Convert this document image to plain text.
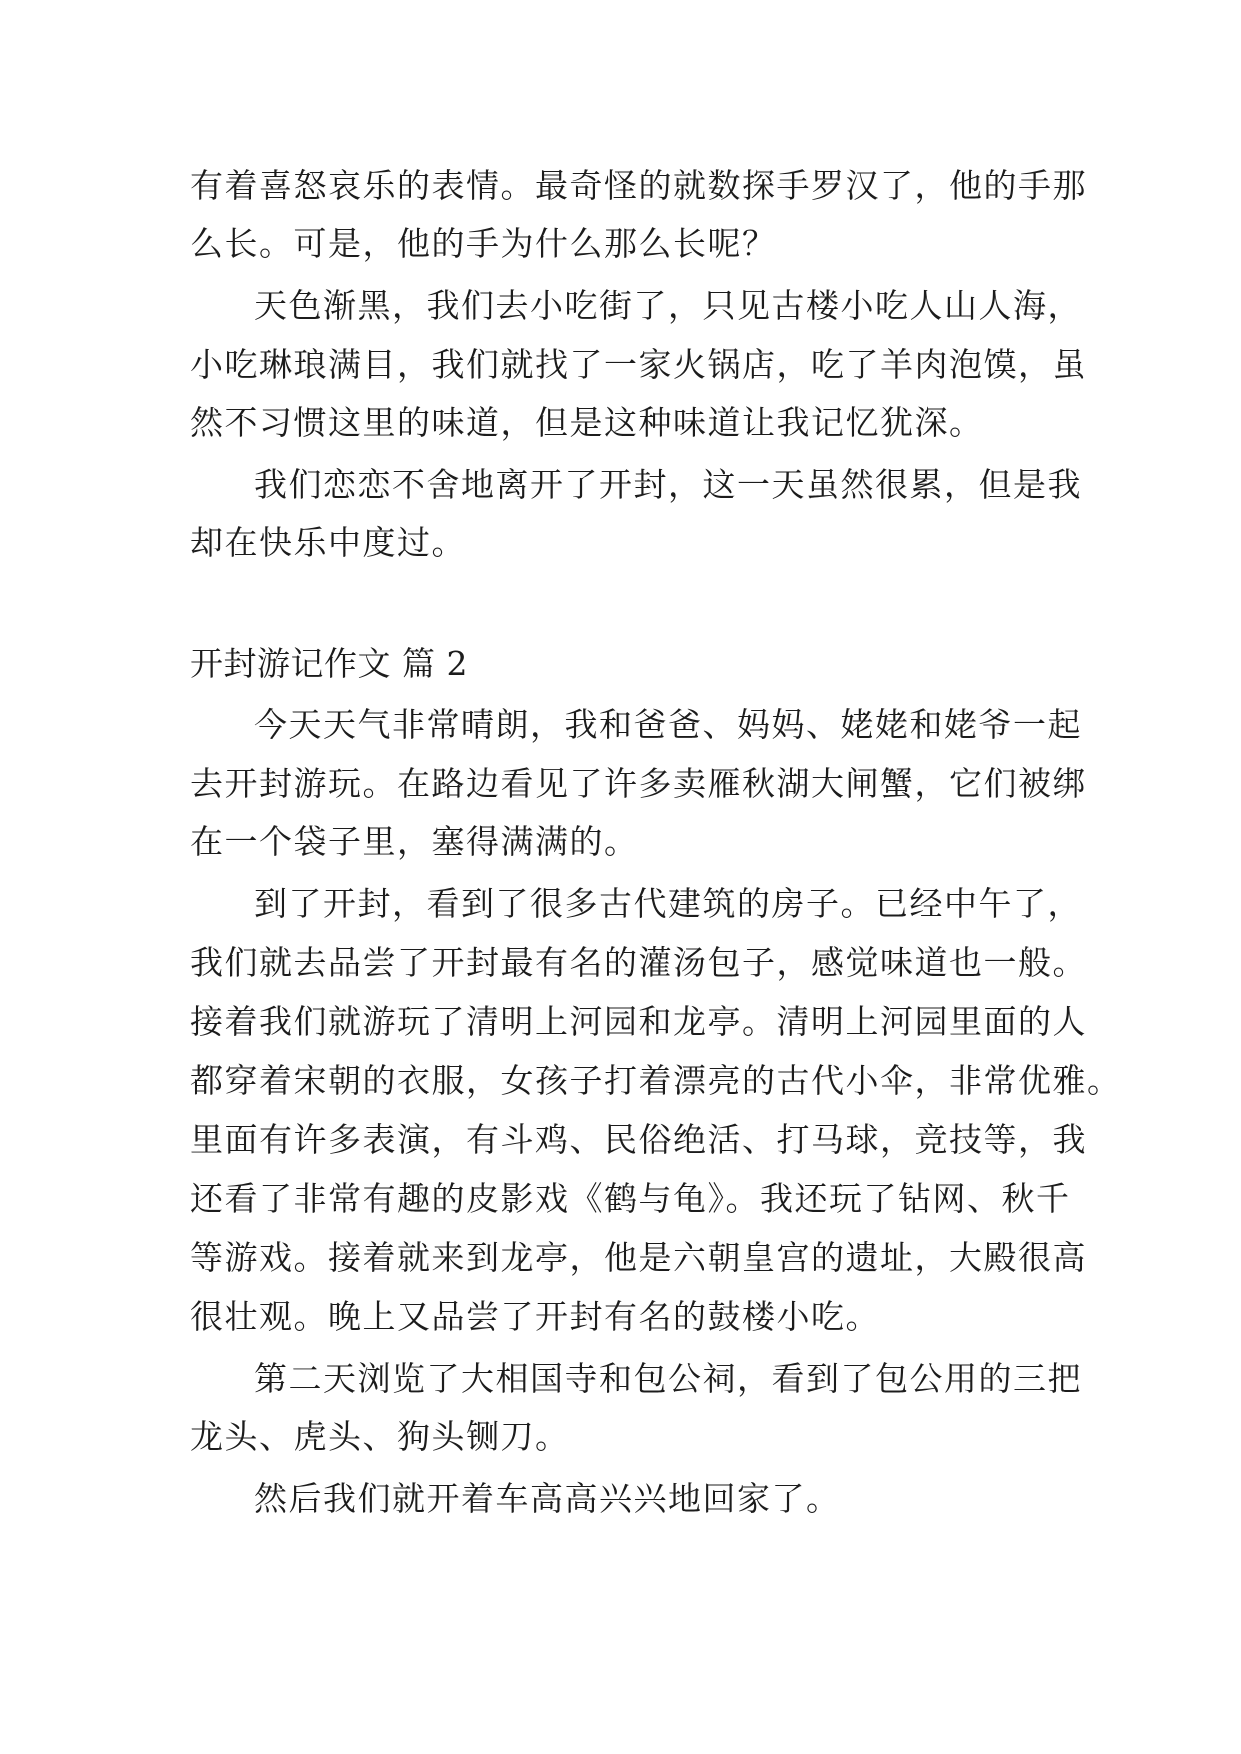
有着喜怒哀乐的表情。最奇怪的就数探手罗汉了，他的手那
么长。可是，他的手为什么那么长呢？
天色渐黑，我们去小吃街了，只见古楼小吃人山人海，
小吃琳琅满目，我们就找了一家火锅店，吃了羊肉泡馍，虽
然不习惯这里的味道，但是这种味道让我记忆犹深。
我们恋恋不舍地离开了开封，这一天虽然很累，但是我
却在快乐中度过。
开封游记作文 篇 2
今天天气非常晴朗，我和爸爸、妈妈、姥姥和姥爷一起
去开封游玩。在路边看见了许多卖雁秋湖大闸蟹，它们被绑
在一个袋子里，塞得满满的。
到了开封，看到了很多古代建筑的房子。已经中午了，
我们就去品尝了开封最有名的灌汤包子，感觉味道也一般。
接着我们就游玩了清明上河园和龙亭。清明上河园里面的人
都穿着宋朝的衣服，女孩子打着漂亮的古代小伞，非常优雅。
里面有许多表演，有斗鸡、民俗绝活、打马球，竞技等，我
还看了非常有趣的皮影戏《鹤与龟》。我还玩了钻网、秋千
等游戏。接着就来到龙亭，他是六朝皇宫的遗址，大殿很高
很壮观。晚上又品尝了开封有名的鼓楼小吃。
第二天浏览了大相国寺和包公祠，看到了包公用的三把
龙头、虎头、狗头铡刀。
然后我们就开着车高高兴兴地回家了。
